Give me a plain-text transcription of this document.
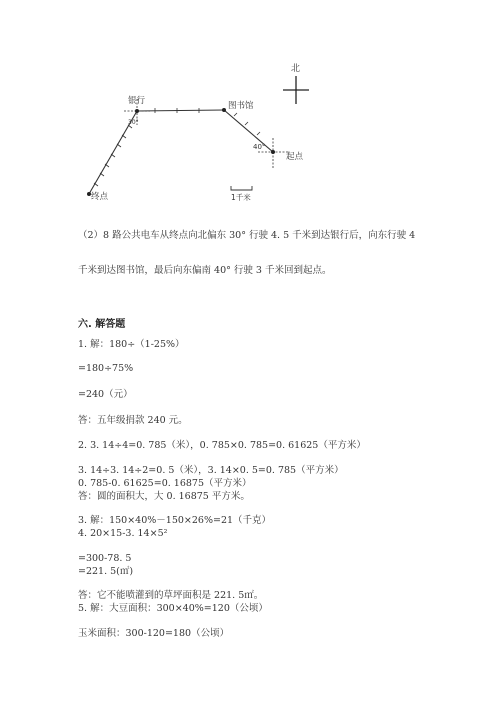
北
银行	图书馆
起点
终点
30°
40°
1千米
（2）8 路公共电车从终点向北偏东 30° 行驶 4. 5 千米到达银行后，向东行驶 4
千米到达图书馆，最后向东偏南 40° 行驶 3 千米回到起点。
六. 解答题
1. 解：180÷（1-25%）
=180÷75%
=240（元）
答：五年级捐款 240 元。
2. 3. 14÷4=0. 785（米），0. 785×0. 785=0. 61625（平方米）
3. 14÷3. 14÷2=0. 5（米），3. 14×0. 5=0. 785（平方米）
0. 785-0. 61625=0. 16875（平方米）
答：圆的面积大，大 0. 16875 平方米。
3. 解：150×40%－150×26%=21（千克）
4. 20×15-3. 14×5²
=300-78. 5
=221. 5(㎡)
答：它不能喷灌到的草坪面积是 221. 5㎡。
5. 解：大豆面积：300×40%=120（公顷）
玉米面积：300-120=180（公顷）
